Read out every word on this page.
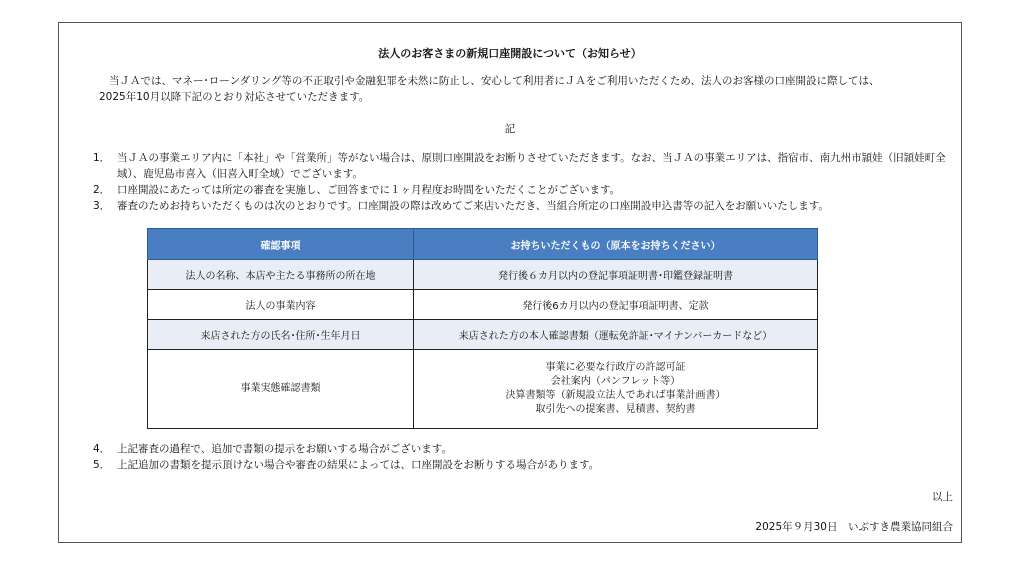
法人のお客さまの新規口座開設について（お知らせ）
当ＪＡでは、マネー･ローンダリング等の不正取引や金融犯罪を未然に防止し、安心して利用者にＪＡをご利用いただくため、法人のお客様の口座開設に際しては、
2025年10月以降下記のとおり対応させていただきます。
記
1． 当ＪＡの事業エリア内に「本社」や「営業所」等がない場合は、原則口座開設をお断りさせていただきます。なお、当ＪＡの事業エリアは、指宿市、南九州市頴娃（旧頴娃町全域）、鹿児島市喜入（旧喜入町全域）でございます。
2． 口座開設にあたっては所定の審査を実施し、ご回答までに１ヶ月程度お時間をいただくことがございます。
3． 審査のためお持ちいただくものは次のとおりです。口座開設の際は改めてご来店いただき、当組合所定の口座開設申込書等の記入をお願いいたします。
確認事項	お持ちいただくもの（原本をお持ちください）
法人の名称、本店や主たる事務所の所在地	発行後６カ月以内の登記事項証明書･印鑑登録証明書
法人の事業内容	発行後6カ月以内の登記事項証明書、定款
来店された方の氏名･住所･生年月日	来店された方の本人確認書類（運転免許証･マイナンバーカードなど）
事業実態確認書類	事業に必要な行政庁の許認可証
会社案内（パンフレット等）
決算書類等（新規設立法人であれば事業計画書）
取引先への提案書、見積書、契約書
4． 上記審査の過程で、追加で書類の提示をお願いする場合がございます。
5． 上記追加の書類を提示頂けない場合や審査の結果によっては、口座開設をお断りする場合があります。
以上
2025年９月30日　いぶすき農業協同組合
